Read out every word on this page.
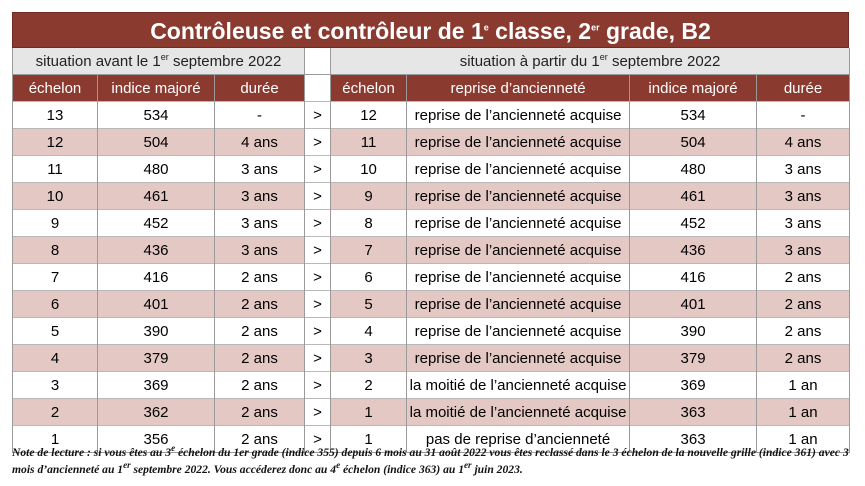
Contrôleuse et contrôleur de 1e classe, 2er grade, B2
situation avant le 1er septembre 2022				situation à partir du 1er septembre 2022			
échelon	indice majoré	durée		échelon	reprise d’ancienneté	indice majoré	durée
13	534	-	>	12	reprise de l’ancienneté acquise	534	-
12	504	4 ans	>	11	reprise de l’ancienneté acquise	504	4 ans
11	480	3 ans	>	10	reprise de l’ancienneté acquise	480	3 ans
10	461	3 ans	>	9	reprise de l’ancienneté acquise	461	3 ans
9	452	3 ans	>	8	reprise de l’ancienneté acquise	452	3 ans
8	436	3 ans	>	7	reprise de l’ancienneté acquise	436	3 ans
7	416	2 ans	>	6	reprise de l’ancienneté acquise	416	2 ans
6	401	2 ans	>	5	reprise de l’ancienneté acquise	401	2 ans
5	390	2 ans	>	4	reprise de l’ancienneté acquise	390	2 ans
4	379	2 ans	>	3	reprise de l’ancienneté acquise	379	2 ans
3	369	2 ans	>	2	la moitié de l’ancienneté acquise	369	1 an
2	362	2 ans	>	1	la moitié de l’ancienneté acquise	363	1 an
1	356	2 ans	>	1	pas de reprise d’ancienneté	363	1 an
Note de lecture : si vous êtes au 3e échelon du 1er grade (indice 355) depuis 6 mois au 31 août 2022 vous êtes reclassé dans le 3 échelon de la nouvelle grille (indice 361) avec 3 mois d’ancienneté au 1er septembre 2022. Vous accéderez donc au 4e échelon (indice 363) au 1er juin 2023.
